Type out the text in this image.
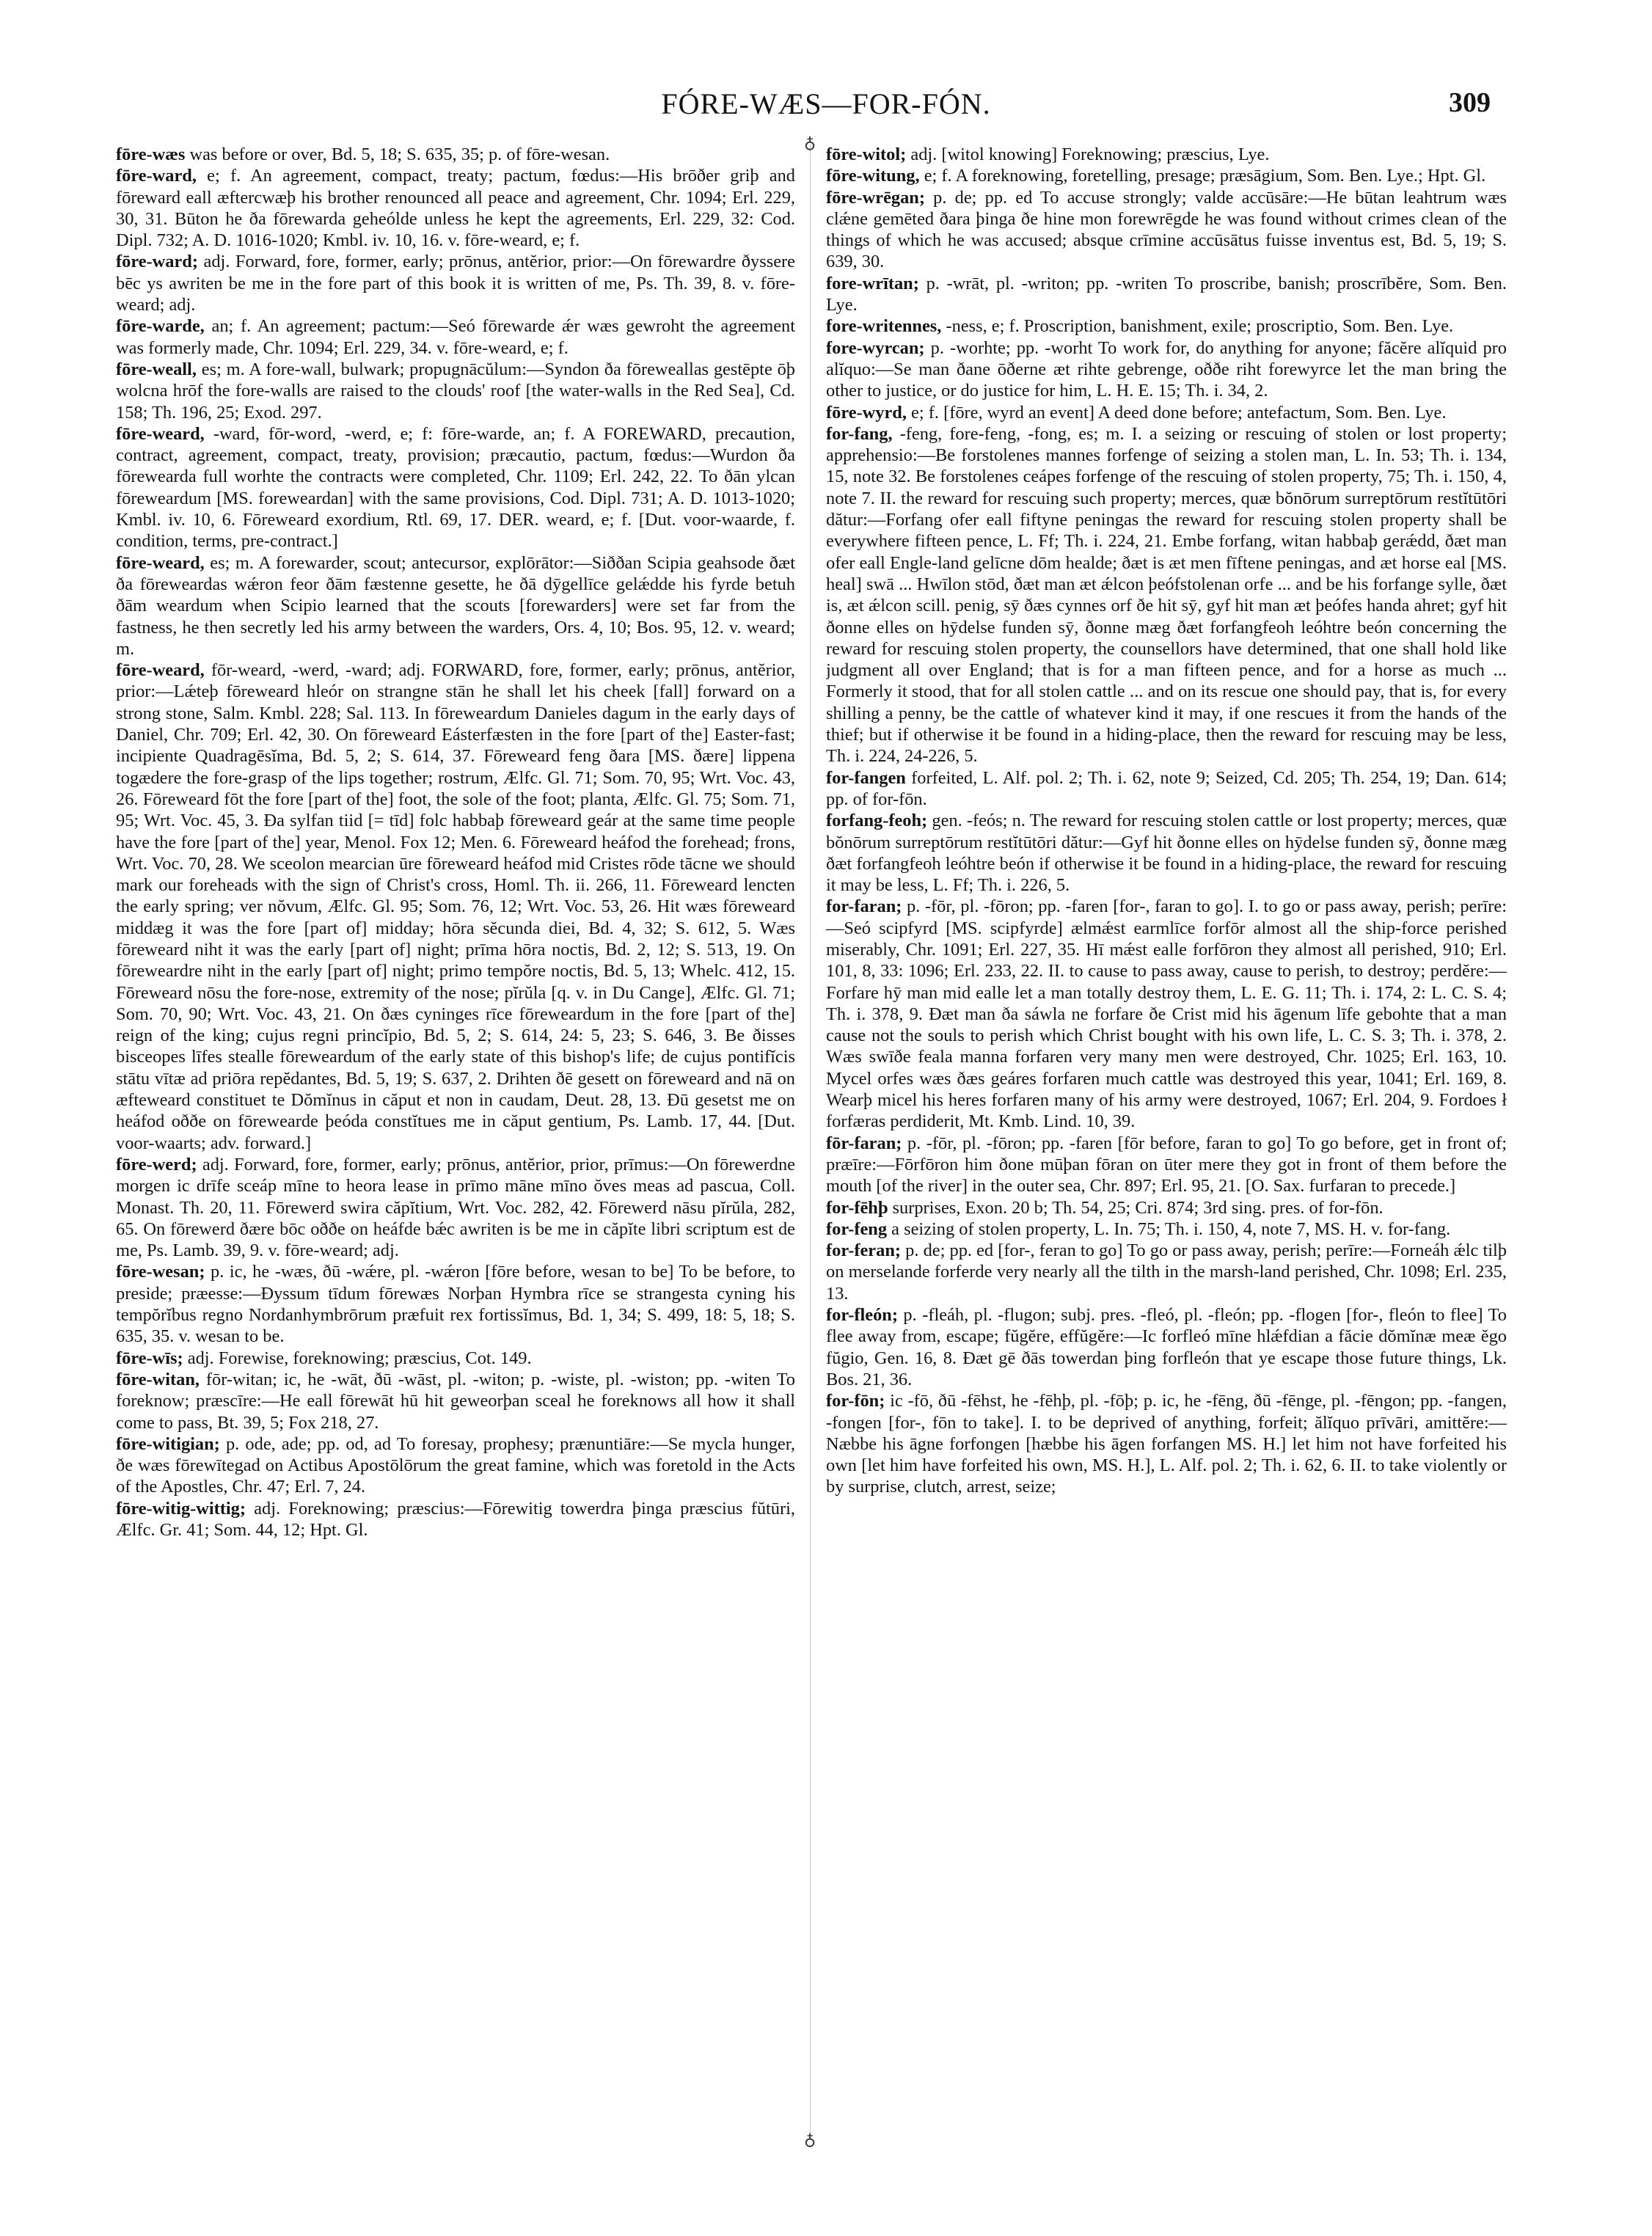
FÓRE-WÆS—FOR-FÓN.	309
♁
♁

fōre-wæs was before or over, Bd. 5, 18; S. 635, 35; p. of fōre-wesan.

fōre-ward, e; f. An agreement, compact, treaty; pactum, fœdus:—His brōðer griþ and fōreward eall æftercwæþ his brother renounced all peace and agreement, Chr. 1094; Erl. 229, 30, 31. Būton he ða fōrewarda geheólde unless he kept the agreements, Erl. 229, 32: Cod. Dipl. 732; A. D. 1016-1020; Kmbl. iv. 10, 16. v. fōre-weard, e; f.

fōre-ward; adj. Forward, fore, former, early; prōnus, antĕrior, prior:—On fōrewardre ðyssere bēc ys awriten be me in the fore part of this book it is written of me, Ps. Th. 39, 8. v. fōre-weard; adj.

fōre-warde, an; f. An agreement; pactum:—Seó fōrewarde ǽr wæs gewroht the agreement was formerly made, Chr. 1094; Erl. 229, 34. v. fōre-weard, e; f.

fōre-weall, es; m. A fore-wall, bulwark; propugnācŭlum:—Syndon ða fōreweallas gestēpte ōþ wolcna hrōf the fore-walls are raised to the clouds' roof [the water-walls in the Red Sea], Cd. 158; Th. 196, 25; Exod. 297.

fōre-weard, -ward, fōr-word, -werd, e; f: fōre-warde, an; f. A FOREWARD, precaution, contract, agreement, compact, treaty, provision; præcautio, pactum, fœdus:—Wurdon ða fōrewearda full worhte the contracts were completed, Chr. 1109; Erl. 242, 22. To ðān ylcan fōreweardum [MS. foreweardan] with the same provisions, Cod. Dipl. 731; A. D. 1013-1020; Kmbl. iv. 10, 6. Fōreweard exordium, Rtl. 69, 17. DER. weard, e; f. [Dut. voor-waarde, f. condition, terms, pre-contract.]

fōre-weard, es; m. A forewarder, scout; antecursor, explōrātor:—Siððan Scipia geahsode ðæt ða fōreweardas wǽron feor ðām fæstenne gesette, he ðā dȳgellīce gelǽdde his fyrde betuh ðām weardum when Scipio learned that the scouts [forewarders] were set far from the fastness, he then secretly led his army between the warders, Ors. 4, 10; Bos. 95, 12. v. weard; m.

fōre-weard, fōr-weard, -werd, -ward; adj. FORWARD, fore, former, early; prōnus, antĕrior, prior:—Lǽteþ fōreweard hleór on strangne stān he shall let his cheek [fall] forward on a strong stone, Salm. Kmbl. 228; Sal. 113. In fōreweardum Danieles dagum in the early days of Daniel, Chr. 709; Erl. 42, 30. On fōreweard Eásterfæsten in the fore [part of the] Easter-fast; incipiente Quadragēsĭma, Bd. 5, 2; S. 614, 37. Fōreweard feng ðara [MS. ðære] lippena togædere the fore-grasp of the lips together; rostrum, Ælfc. Gl. 71; Som. 70, 95; Wrt. Voc. 43, 26. Fōreweard fōt the fore [part of the] foot, the sole of the foot; planta, Ælfc. Gl. 75; Som. 71, 95; Wrt. Voc. 45, 3. Ða sylfan tiid [= tīd] folc habbaþ fōreweard geár at the same time people have the fore [part of the] year, Menol. Fox 12; Men. 6. Fōreweard heáfod the forehead; frons, Wrt. Voc. 70, 28. We sceolon mearcian ūre fōreweard heáfod mid Cristes rōde tācne we should mark our foreheads with the sign of Christ's cross, Homl. Th. ii. 266, 11. Fōreweard lencten the early spring; ver nŏvum, Ælfc. Gl. 95; Som. 76, 12; Wrt. Voc. 53, 26. Hit wæs fōreweard middæg it was the fore [part of] midday; hōra sĕcunda diei, Bd. 4, 32; S. 612, 5. Wæs fōreweard niht it was the early [part of] night; prīma hōra noctis, Bd. 2, 12; S. 513, 19. On fōreweardre niht in the early [part of] night; primo tempŏre noctis, Bd. 5, 13; Whelc. 412, 15. Fōreweard nōsu the fore-nose, extremity of the nose; pĭrŭla [q. v. in Du Cange], Ælfc. Gl. 71; Som. 70, 90; Wrt. Voc. 43, 21. On ðæs cyninges rīce fōreweardum in the fore [part of the] reign of the king; cujus regni princĭpio, Bd. 5, 2; S. 614, 24: 5, 23; S. 646, 3. Be ðisses bisceopes līfes stealle fōreweardum of the early state of this bishop's life; de cujus pontifĭcis stātu vītæ ad priōra repĕdantes, Bd. 5, 19; S. 637, 2. Drihten ðē gesett on fōreweard and nā on æfteweard constituet te Dŏmĭnus in căput et non in caudam, Deut. 28, 13. Ðū gesetst me on heáfod oððe on fōrewearde þeóda constĭtues me in căput gentium, Ps. Lamb. 17, 44. [Dut. voor-waarts; adv. forward.]

fōre-werd; adj. Forward, fore, former, early; prōnus, antĕrior, prior, prīmus:—On fōrewerdne morgen ic drīfe sceáp mīne to heora lease in prīmo māne mīno ŏves meas ad pascua, Coll. Monast. Th. 20, 11. Fōrewerd swira căpĭtium, Wrt. Voc. 282, 42. Fōrewerd nāsu pĭrŭla, 282, 65. On fōrewerd ðære bōc oððe on heáfde bǽc awriten is be me in căpĭte libri scriptum est de me, Ps. Lamb. 39, 9. v. fōre-weard; adj.

fōre-wesan; p. ic, he -wæs, ðū -wǽre, pl. -wǽron [fōre before, wesan to be] To be before, to preside; præesse:—Ðyssum tīdum fōrewæs Norþan Hymbra rīce se strangesta cyning his tempŏrĭbus regno Nordanhymbrōrum præfuit rex fortissĭmus, Bd. 1, 34; S. 499, 18: 5, 18; S. 635, 35. v. wesan to be.

fōre-wīs; adj. Forewise, foreknowing; præscius, Cot. 149.

fōre-witan, fōr-witan; ic, he -wāt, ðū -wāst, pl. -witon; p. -wiste, pl. -wiston; pp. -witen To foreknow; præscīre:—He eall fōrewāt hū hit geweorþan sceal he foreknows all how it shall come to pass, Bt. 39, 5; Fox 218, 27.

fōre-witigian; p. ode, ade; pp. od, ad To foresay, prophesy; prænuntiāre:—Se mycla hunger, ðe wæs fōrewītegad on Actibus Apostōlōrum the great famine, which was foretold in the Acts of the Apostles, Chr. 47; Erl. 7, 24.

fōre-witig-wittig; adj. Foreknowing; præscius:—Fōrewitig towerdra þinga præscius fŭtūri, Ælfc. Gr. 41; Som. 44, 12; Hpt. Gl.

fōre-witol; adj. [witol knowing] Foreknowing; præscius, Lye.

fōre-witung, e; f. A foreknowing, foretelling, presage; præsāgium, Som. Ben. Lye.; Hpt. Gl.

fōre-wrēgan; p. de; pp. ed To accuse strongly; valde accūsāre:—He būtan leahtrum wæs clǽne gemēted ðara þinga ðe hine mon forewrēgde he was found without crimes clean of the things of which he was accused; absque crīmine accūsātus fuisse inventus est, Bd. 5, 19; S. 639, 30.

fore-wrītan; p. -wrāt, pl. -writon; pp. -writen To proscribe, banish; proscrībĕre, Som. Ben. Lye.

fore-writennes, -ness, e; f. Proscription, banishment, exile; proscriptio, Som. Ben. Lye.

fore-wyrcan; p. -worhte; pp. -worht To work for, do anything for anyone; făcĕre alĭquid pro alĭquo:—Se man ðane ōðerne æt rihte gebrenge, oððe riht forewyrce let the man bring the other to justice, or do justice for him, L. H. E. 15; Th. i. 34, 2.

fōre-wyrd, e; f. [fōre, wyrd an event] A deed done before; antefactum, Som. Ben. Lye.

for-fang, -feng, fore-feng, -fong, es; m. I. a seizing or rescuing of stolen or lost property; apprehensio:—Be forstolenes mannes forfenge of seizing a stolen man, L. In. 53; Th. i. 134, 15, note 32. Be forstolenes ceápes forfenge of the rescuing of stolen property, 75; Th. i. 150, 4, note 7. II. the reward for rescuing such property; merces, quæ bŏnōrum surreptōrum restĭtūtōri dătur:—Forfang ofer eall fiftyne peningas the reward for rescuing stolen property shall be everywhere fifteen pence, L. Ff; Th. i. 224, 21. Embe forfang, witan habbaþ gerǽdd, ðæt man ofer eall Engle-land gelīcne dōm healde; ðæt is æt men fīftene peningas, and æt horse eal [MS. heal] swā ... Hwīlon stōd, ðæt man æt ǽlcon þeófstolenan orfe ... and be his forfange sylle, ðæt is, æt ǽlcon scill. penig, sȳ ðæs cynnes orf ðe hit sȳ, gyf hit man æt þeófes handa ahret; gyf hit ðonne elles on hȳdelse funden sȳ, ðonne mæg ðæt forfangfeoh leóhtre beón concerning the reward for rescuing stolen property, the counsellors have determined, that one shall hold like judgment all over England; that is for a man fifteen pence, and for a horse as much ... Formerly it stood, that for all stolen cattle ... and on its rescue one should pay, that is, for every shilling a penny, be the cattle of whatever kind it may, if one rescues it from the hands of the thief; but if otherwise it be found in a hiding-place, then the reward for rescuing may be less, Th. i. 224, 24-226, 5.

for-fangen forfeited, L. Alf. pol. 2; Th. i. 62, note 9; Seized, Cd. 205; Th. 254, 19; Dan. 614; pp. of for-fōn.

forfang-feoh; gen. -feós; n. The reward for rescuing stolen cattle or lost property; merces, quæ bŏnōrum surreptōrum restĭtūtōri dătur:—Gyf hit ðonne elles on hȳdelse funden sȳ, ðonne mæg ðæt forfangfeoh leóhtre beón if otherwise it be found in a hiding-place, the reward for rescuing it may be less, L. Ff; Th. i. 226, 5.

for-faran; p. -fōr, pl. -fōron; pp. -faren [for-, faran to go]. I. to go or pass away, perish; perīre:—Seó scipfyrd [MS. scipfyrde] ælmǽst earmlīce forfōr almost all the ship-force perished miserably, Chr. 1091; Erl. 227, 35. Hī mǽst ealle forfōron they almost all perished, 910; Erl. 101, 8, 33: 1096; Erl. 233, 22. II. to cause to pass away, cause to perish, to destroy; perdĕre:—Forfare hȳ man mid ealle let a man totally destroy them, L. E. G. 11; Th. i. 174, 2: L. C. S. 4; Th. i. 378, 9. Ðæt man ða sáwla ne forfare ðe Crist mid his āgenum līfe gebohte that a man cause not the souls to perish which Christ bought with his own life, L. C. S. 3; Th. i. 378, 2. Wæs swīðe feala manna forfaren very many men were destroyed, Chr. 1025; Erl. 163, 10. Mycel orfes wæs ðæs geáres forfaren much cattle was destroyed this year, 1041; Erl. 169, 8. Wearþ micel his heres forfaren many of his army were destroyed, 1067; Erl. 204, 9. Fordoes ł forfæras perdiderit, Mt. Kmb. Lind. 10, 39.

fōr-faran; p. -fōr, pl. -fōron; pp. -faren [fōr before, faran to go] To go before, get in front of; præīre:—Fōrfōron him ðone mūþan fōran on ūter mere they got in front of them before the mouth [of the river] in the outer sea, Chr. 897; Erl. 95, 21. [O. Sax. furfaran to precede.]

for-fēhþ surprises, Exon. 20 b; Th. 54, 25; Cri. 874; 3rd sing. pres. of for-fōn.

for-feng a seizing of stolen property, L. In. 75; Th. i. 150, 4, note 7, MS. H. v. for-fang.

for-feran; p. de; pp. ed [for-, feran to go] To go or pass away, perish; perīre:—Forneáh ǽlc tilþ on merselande forferde very nearly all the tilth in the marsh-land perished, Chr. 1098; Erl. 235, 13.

for-fleón; p. -fleáh, pl. -flugon; subj. pres. -fleó, pl. -fleón; pp. -flogen [for-, fleón to flee] To flee away from, escape; fŭgĕre, effŭgĕre:—Ic forfleó mīne hlǽfdian a făcie dŏmĭnæ meæ ĕgo fŭgio, Gen. 16, 8. Ðæt gē ðās towerdan þing forfleón that ye escape those future things, Lk. Bos. 21, 36.

for-fōn; ic -fō, ðū -fēhst, he -fēhþ, pl. -fōþ; p. ic, he -fēng, ðū -fēnge, pl. -fēngon; pp. -fangen, -fongen [for-, fōn to take]. I. to be deprived of anything, forfeit; ălĭquo prīvāri, amittĕre:—Næbbe his āgne forfongen [hæbbe his āgen forfangen MS. H.] let him not have forfeited his own [let him have forfeited his own, MS. H.], L. Alf. pol. 2; Th. i. 62, 6. II. to take violently or by surprise, clutch, arrest, seize;
